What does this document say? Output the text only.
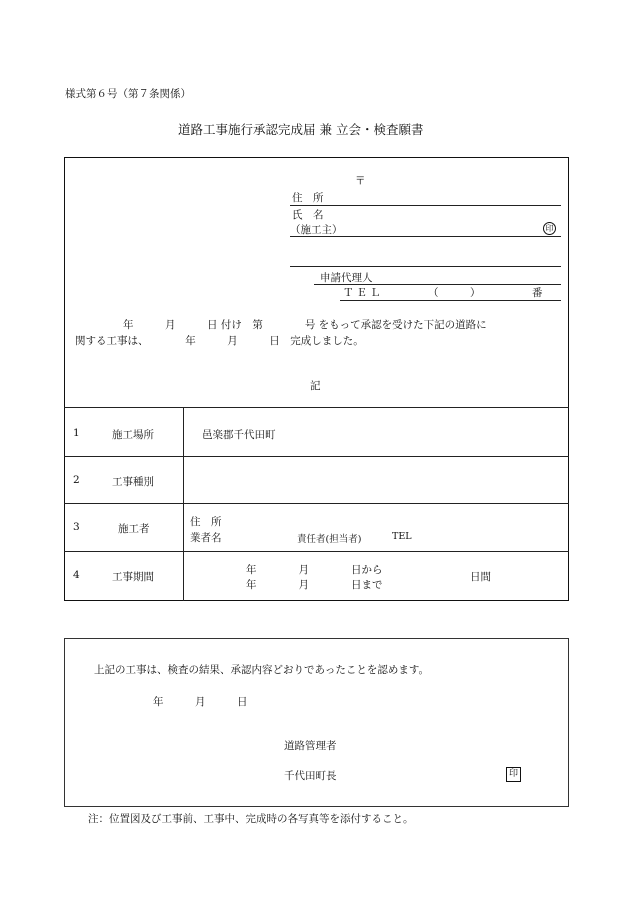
様式第６号（第７条関係）
道路工事施行承認完成届 兼 立会・検査願書
〒
住　所
氏　名
（施工主）	印
申請代理人
ＴＥＬ	（　　　）	番
年　　　月　　　日 付け　第　　　　号 をもって承認を受けた下記の道路に
関する工事は、　　　　年　　　月　　　日　完成しました。
記
1	施工場所	邑楽郡千代田町
2	工事種別
3	施工者
住　所
業者名	責任者(担当者)	TEL
4	工事期間
年　　　　月　　　　日から
年　　　　月　　　　日まで
日間
上記の工事は、検査の結果、承認内容どおりであったことを認めます。
年　　　月　　　日
道路管理者
千代田町長	印
注：位置図及び工事前、工事中、完成時の各写真等を添付すること。
